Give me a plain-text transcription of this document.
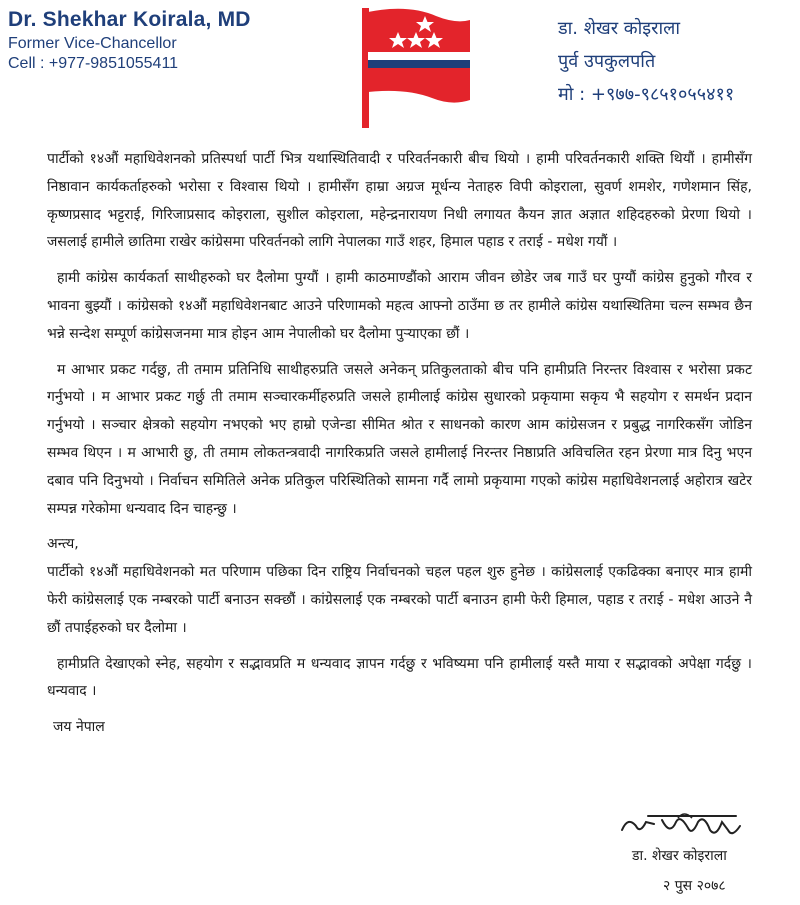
Dr. Shekhar Koirala, MD
Former Vice-Chancellor
Cell : +977-9851055411
डा. शेखर कोइराला
पुर्व उपकुलपति
मो : +९७७-९८५१०५५४११

पार्टीको १४औं महाधिवेशनको प्रतिस्पर्धा पार्टी भित्र यथास्थितिवादी र परिवर्तनकारी बीच थियो । हामी परिवर्तनकारी शक्ति थियौं । हामीसँग निष्ठावान कार्यकर्ताहरुको भरोसा र विश्वास थियो । हामीसँग हाम्रा अग्रज मूर्धन्य नेताहरु विपी कोइराला, सुवर्ण शमशेर, गणेशमान सिंह, कृष्णप्रसाद भट्टराई, गिरिजाप्रसाद कोइराला, सुशील कोइराला, महेन्द्रनारायण निधी लगायत कैयन ज्ञात अज्ञात शहिदहरुको प्रेरणा थियो । जसलाई हामीले छातिमा राखेर कांग्रेसमा परिवर्तनको लागि नेपालका गाउँ शहर, हिमाल पहाड र तराई - मधेश गयौं ।

हामी कांग्रेस कार्यकर्ता साथीहरुको घर दैलोमा पुग्यौं । हामी काठमाण्डौंको आराम जीवन छोडेर जब गाउँ घर पुग्यौं कांग्रेस हुनुको गौरव र भावना बुझ्यौं । कांग्रेसको १४औं महाधिवेशनबाट आउने परिणामको महत्व आफ्नो ठाउँमा छ तर हामीले कांग्रेस यथास्थितिमा चल्न सम्भव छैन भन्ने सन्देश सम्पूर्ण कांग्रेसजनमा मात्र होइन आम नेपालीको घर दैलोमा पुर्‍याएका छौं ।

म आभार प्रकट गर्दछु, ती तमाम प्रतिनिधि साथीहरुप्रति जसले अनेकन् प्रतिकुलताको बीच पनि हामीप्रति निरन्तर विश्वास र भरोसा प्रकट गर्नुभयो । म आभार प्रकट गर्छु ती तमाम सञ्चारकर्मीहरुप्रति जसले हामीलाई कांग्रेस सुधारको प्रकृयामा सकृय भै सहयोग र समर्थन प्रदान गर्नुभयो । सञ्चार क्षेत्रको सहयोग नभएको भए हाम्रो एजेन्डा सीमित श्रोत र साधनको कारण आम कांग्रेसजन र प्रबुद्ध नागरिकसँग जोडिन सम्भव थिएन । म आभारी छु, ती तमाम लोकतन्त्रवादी नागरिकप्रति जसले हामीलाई निरन्तर निष्ठाप्रति अविचलित रहन प्रेरणा मात्र दिनु भएन दबाव पनि दिनुभयो । निर्वाचन समितिले अनेक प्रतिकुल परिस्थितिको सामना गर्दै लामो प्रकृयामा गएको कांग्रेस महाधिवेशनलाई अहोरात्र खटेर सम्पन्न गरेकोमा धन्यवाद दिन चाहन्छु ।

अन्त्य,

पार्टीको १४औं महाधिवेशनको मत परिणाम पछिका दिन राष्ट्रिय निर्वाचनको चहल पहल शुरु हुनेछ । कांग्रेसलाई एकढिक्का बनाएर मात्र हामी फेरी कांग्रेसलाई एक नम्बरको पार्टी बनाउन सक्छौं । कांग्रेसलाई एक नम्बरको पार्टी बनाउन हामी फेरी हिमाल, पहाड र तराई - मधेश आउने नै छौं तपाईहरुको घर दैलोमा ।

हामीप्रति देखाएको स्नेह, सहयोग र सद्भावप्रति म धन्यवाद ज्ञापन गर्दछु र भविष्यमा पनि हामीलाई यस्तै माया र सद्भावको अपेक्षा गर्दछु । धन्यवाद ।

जय नेपाल

डा. शेखर कोइराला
२ पुस २०७८
